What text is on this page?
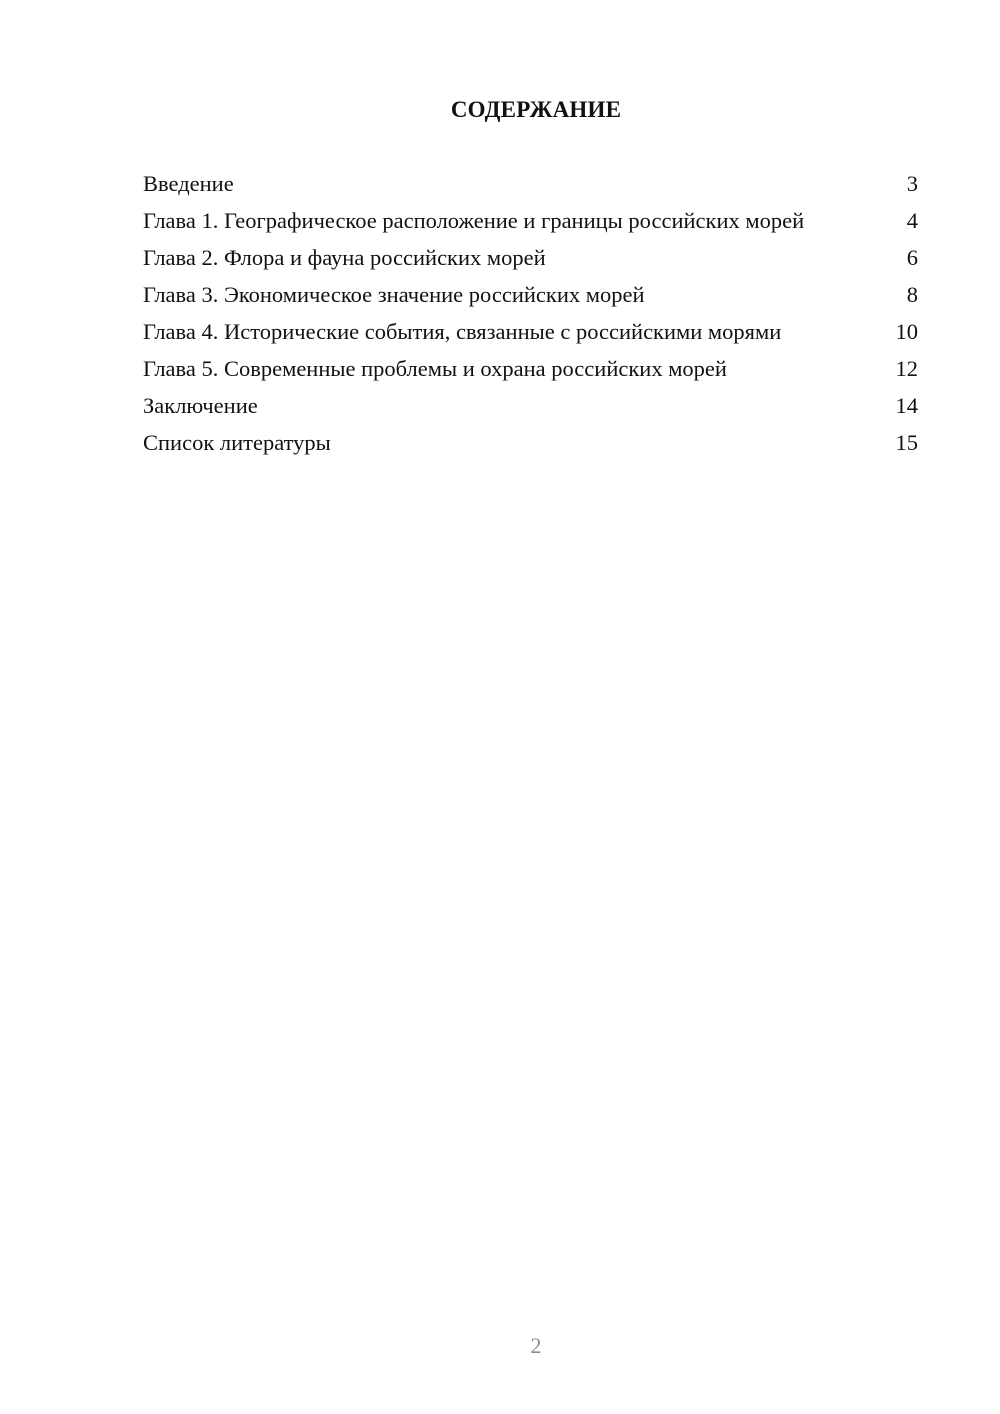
СОДЕРЖАНИЕ
Введение	3
Глава 1. Географическое расположение и границы российских морей	4
Глава 2. Флора и фауна российских морей	6
Глава 3. Экономическое значение российских морей	8
Глава 4. Исторические события, связанные с российскими морями	10
Глава 5. Современные проблемы и охрана российских морей	12
Заключение	14
Список литературы	15
2
